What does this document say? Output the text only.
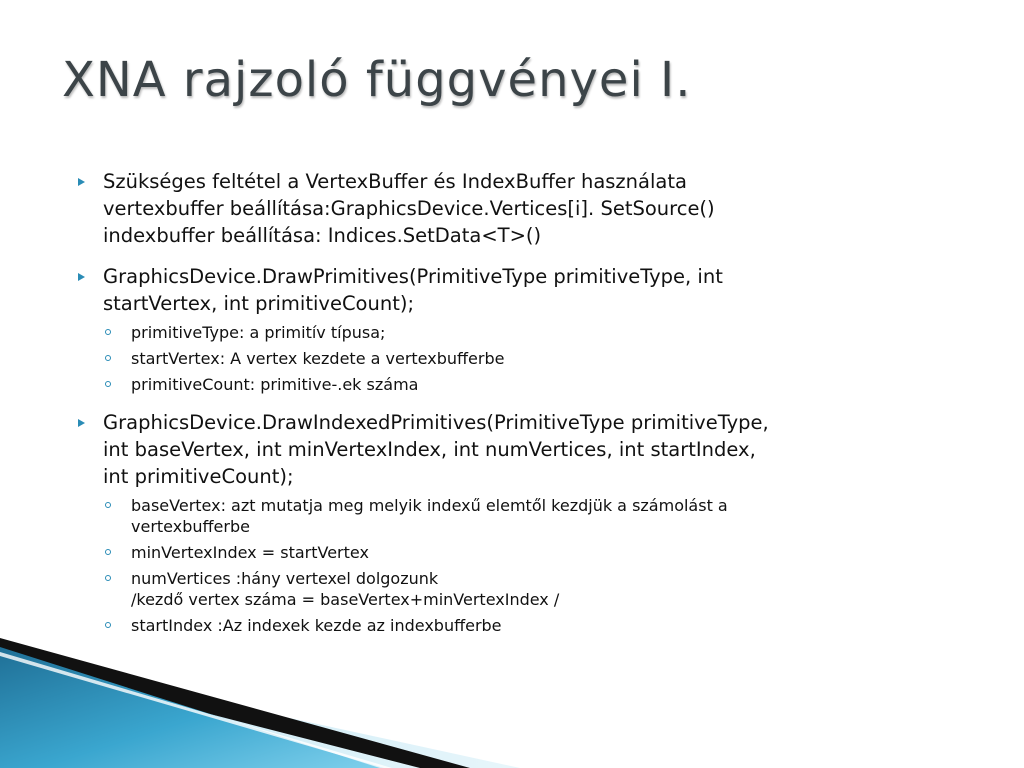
XNA rajzoló függvényei I.
Szükséges feltétel a VertexBuffer és IndexBuffer használata
vertexbuffer beállítása:GraphicsDevice.Vertices[i]. SetSource()
indexbuffer beállítása: Indices.SetData<T>()
GraphicsDevice.DrawPrimitives(PrimitiveType primitiveType, int
startVertex, int primitiveCount);
primitiveType: a primitív típusa;
startVertex: A vertex kezdete a vertexbufferbe
primitiveCount: primitive-.ek száma
GraphicsDevice.DrawIndexedPrimitives(PrimitiveType primitiveType,
int baseVertex, int minVertexIndex, int numVertices, int startIndex,
int primitiveCount);
baseVertex: azt mutatja meg melyik indexű elemtől kezdjük a számolást a
vertexbufferbe
minVertexIndex = startVertex
numVertices :hány vertexel dolgozunk
/kezdő vertex száma = baseVertex+minVertexIndex /
startIndex :Az indexek kezde az indexbufferbe
